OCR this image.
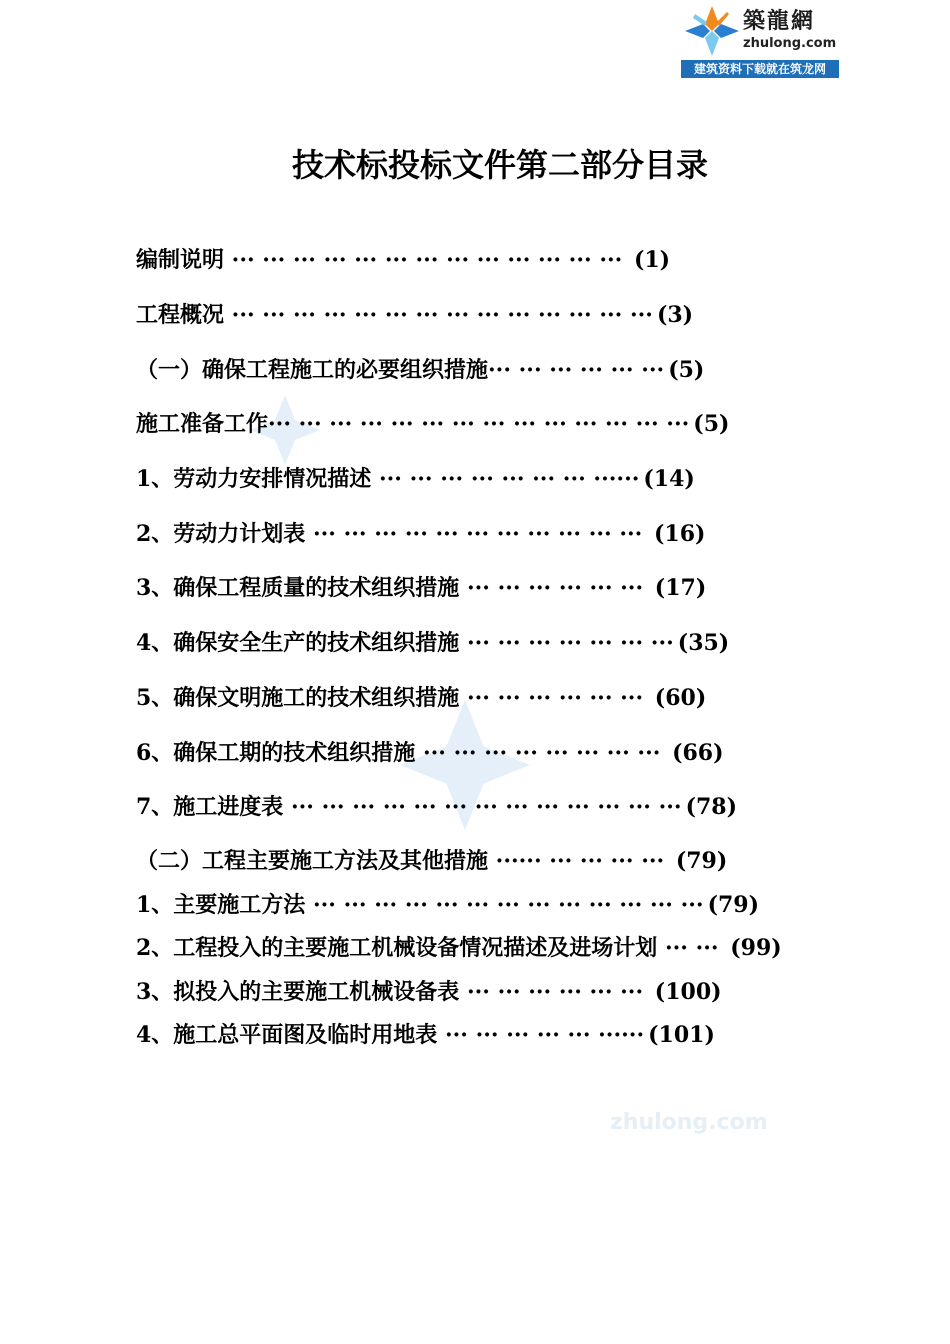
築龍網
zhulong.com
建筑资料下载就在筑龙网
技术标投标文件第二部分目录
zhulong.com
编制说明 ··· ··· ··· ··· ··· ··· ··· ··· ··· ··· ··· ··· ··· (1)
工程概况 ··· ··· ··· ··· ··· ··· ··· ··· ··· ··· ··· ··· ··· ··· (3)
（一）确保工程施工的必要组织措施··· ··· ··· ··· ··· ··· (5)
施工准备工作··· ··· ··· ··· ··· ··· ··· ··· ··· ··· ··· ··· ··· ··· (5)
1、劳动力安排情况描述 ··· ··· ··· ··· ··· ··· ··· ······ (14)
2、劳动力计划表 ··· ··· ··· ··· ··· ··· ··· ··· ··· ··· ··· (16)
3、确保工程质量的技术组织措施 ··· ··· ··· ··· ··· ··· (17)
4、确保安全生产的技术组织措施 ··· ··· ··· ··· ··· ··· ··· (35)
5、确保文明施工的技术组织措施 ··· ··· ··· ··· ··· ··· (60)
6、确保工期的技术组织措施 ··· ··· ··· ··· ··· ··· ··· ··· (66)
7、施工进度表 ··· ··· ··· ··· ··· ··· ··· ··· ··· ··· ··· ··· ··· (78)
（二）工程主要施工方法及其他措施 ······ ··· ··· ··· ··· (79)
1、主要施工方法 ··· ··· ··· ··· ··· ··· ··· ··· ··· ··· ··· ··· ··· (79)
2、工程投入的主要施工机械设备情况描述及进场计划 ··· ··· (99)
3、拟投入的主要施工机械设备表 ··· ··· ··· ··· ··· ··· (100)
4、施工总平面图及临时用地表 ··· ··· ··· ··· ··· ······ (101)
